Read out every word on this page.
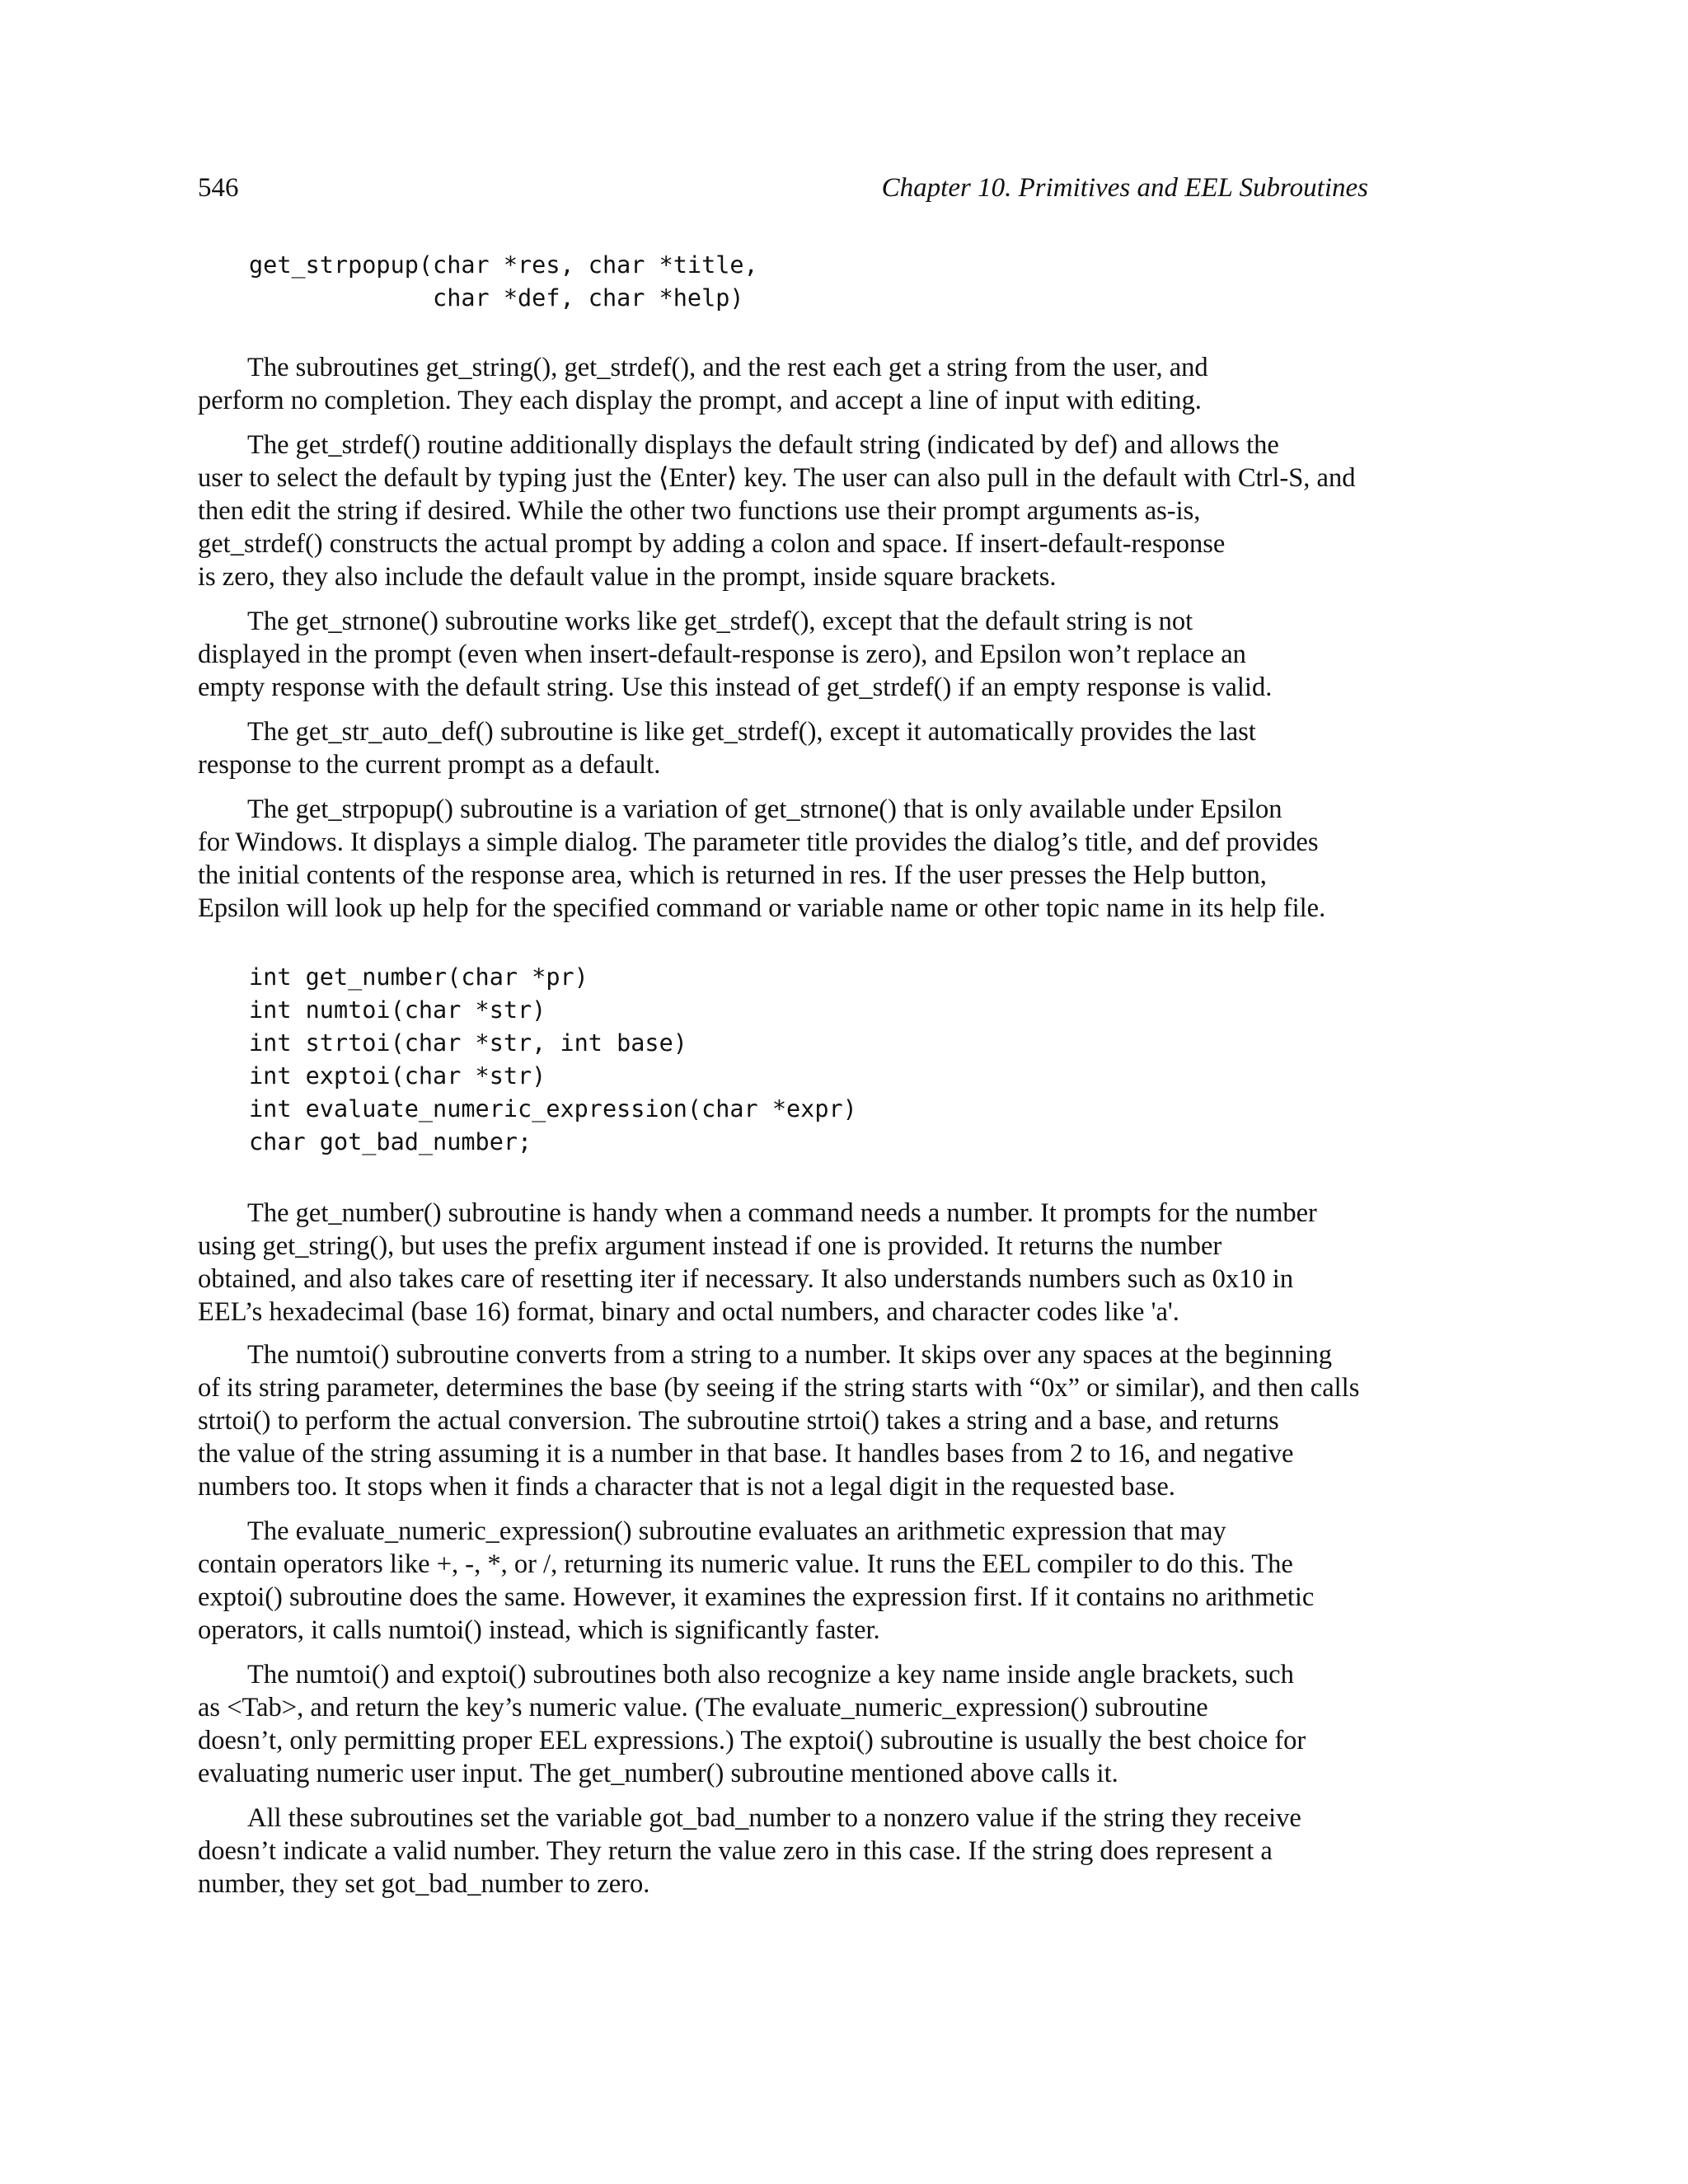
546	Chapter 10. Primitives and EEL Subroutines
get_strpopup(char *res, char *title,
char *def, char *help)
The subroutines get_string(), get_strdef(), and the rest each get a string from the user, and
perform no completion. They each display the prompt, and accept a line of input with editing.
The get_strdef() routine additionally displays the default string (indicated by def) and allows the
user to select the default by typing just the ⟨Enter⟩ key. The user can also pull in the default with Ctrl-S, and
then edit the string if desired. While the other two functions use their prompt arguments as-is,
get_strdef() constructs the actual prompt by adding a colon and space. If insert-default-response
is zero, they also include the default value in the prompt, inside square brackets.
The get_strnone() subroutine works like get_strdef(), except that the default string is not
displayed in the prompt (even when insert-default-response is zero), and Epsilon won’t replace an
empty response with the default string. Use this instead of get_strdef() if an empty response is valid.
The get_str_auto_def() subroutine is like get_strdef(), except it automatically provides the last
response to the current prompt as a default.
The get_strpopup() subroutine is a variation of get_strnone() that is only available under Epsilon
for Windows. It displays a simple dialog. The parameter title provides the dialog’s title, and def provides
the initial contents of the response area, which is returned in res. If the user presses the Help button,
Epsilon will look up help for the specified command or variable name or other topic name in its help file.
int get_number(char *pr)
int numtoi(char *str)
int strtoi(char *str, int base)
int exptoi(char *str)
int evaluate_numeric_expression(char *expr)
char got_bad_number;
The get_number() subroutine is handy when a command needs a number. It prompts for the number
using get_string(), but uses the prefix argument instead if one is provided. It returns the number
obtained, and also takes care of resetting iter if necessary. It also understands numbers such as 0x10 in
EEL’s hexadecimal (base 16) format, binary and octal numbers, and character codes like 'a'.
The numtoi() subroutine converts from a string to a number. It skips over any spaces at the beginning
of its string parameter, determines the base (by seeing if the string starts with “0x” or similar), and then calls
strtoi() to perform the actual conversion. The subroutine strtoi() takes a string and a base, and returns
the value of the string assuming it is a number in that base. It handles bases from 2 to 16, and negative
numbers too. It stops when it finds a character that is not a legal digit in the requested base.
The evaluate_numeric_expression() subroutine evaluates an arithmetic expression that may
contain operators like +, -, *, or /, returning its numeric value. It runs the EEL compiler to do this. The
exptoi() subroutine does the same. However, it examines the expression first. If it contains no arithmetic
operators, it calls numtoi() instead, which is significantly faster.
The numtoi() and exptoi() subroutines both also recognize a key name inside angle brackets, such
as <Tab>, and return the key’s numeric value. (The evaluate_numeric_expression() subroutine
doesn’t, only permitting proper EEL expressions.) The exptoi() subroutine is usually the best choice for
evaluating numeric user input. The get_number() subroutine mentioned above calls it.
All these subroutines set the variable got_bad_number to a nonzero value if the string they receive
doesn’t indicate a valid number. They return the value zero in this case. If the string does represent a
number, they set got_bad_number to zero.
